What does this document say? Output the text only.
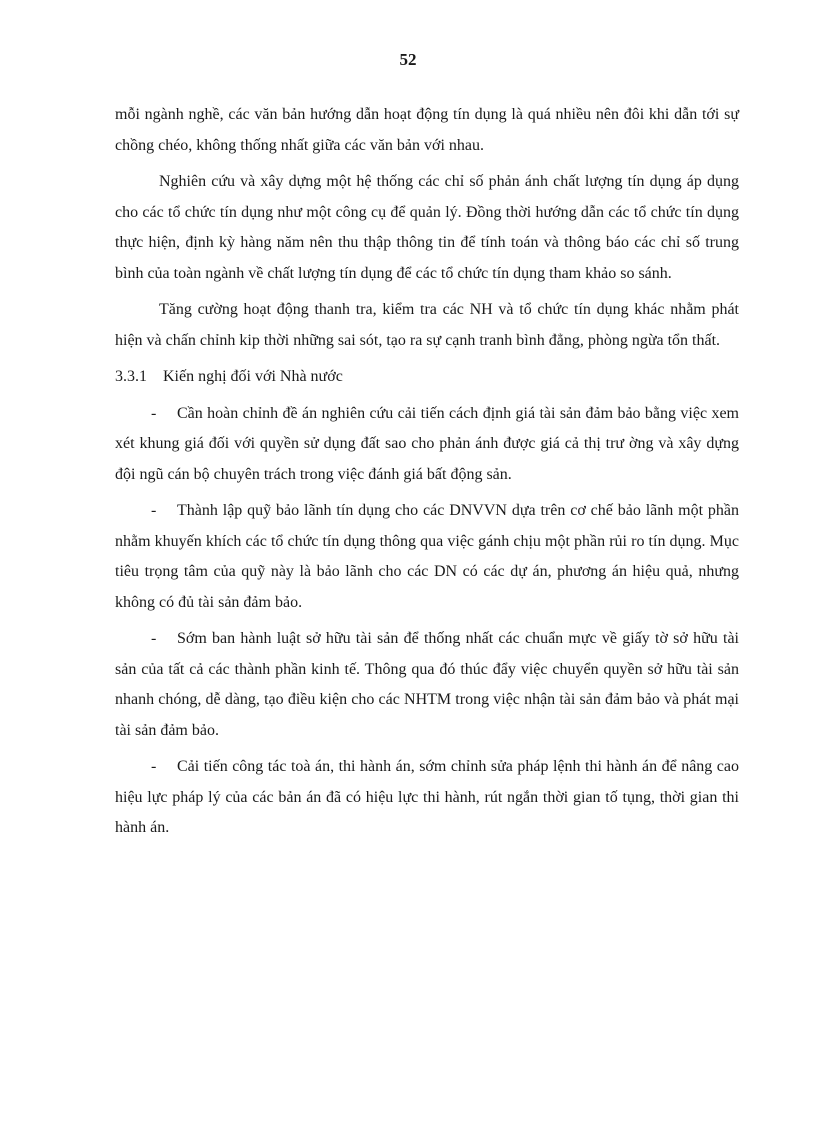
52

mỗi ngành nghề, các văn bản hướng dẫn hoạt động tín dụng là quá nhiều nên đôi khi dẫn tới sự chồng chéo, không thống nhất giữa các văn bản với nhau.

Nghiên cứu và xây dựng một hệ thống các chỉ số phản ánh chất lượng tín dụng áp dụng cho các tổ chức tín dụng như một công cụ để quản lý. Đồng thời hướng dẫn các tổ chức tín dụng thực hiện, định kỳ hàng năm nên thu thập thông tin để tính toán và thông báo các chỉ số trung bình của toàn ngành về chất lượng tín dụng để các tổ chức tín dụng tham khảo so sánh.

Tăng cường hoạt động thanh tra, kiểm tra các NH và tổ chức tín dụng khác nhằm phát hiện và chấn chỉnh kip thời những sai sót, tạo ra sự cạnh tranh bình đẳng, phòng ngừa tổn thất.

3.3.1 Kiến nghị đối với Nhà nước

- Cần hoàn chỉnh đề án nghiên cứu cải tiến cách định giá tài sản đảm bảo bằng việc xem xét khung giá đối với quyền sử dụng đất sao cho phản ánh được giá cả thị trư ờng và xây dựng đội ngũ cán bộ chuyên trách trong việc đánh giá bất động sản.

- Thành lập quỹ bảo lãnh tín dụng cho các DNVVN dựa trên cơ chế bảo lãnh một phần nhằm khuyến khích các tổ chức tín dụng thông qua việc gánh chịu một phần rủi ro tín dụng. Mục tiêu trọng tâm của quỹ này là bảo lãnh cho các DN có các dự án, phương án hiệu quả, nhưng không có đủ tài sản đảm bảo.

- Sớm ban hành luật sở hữu tài sản để thống nhất các chuẩn mực về giấy tờ sở hữu tài sản của tất cả các thành phần kinh tế. Thông qua đó thúc đẩy việc chuyển quyền sở hữu tài sản nhanh chóng, dễ dàng, tạo điều kiện cho các NHTM trong việc nhận tài sản đảm bảo và phát mại tài sản đảm bảo.

- Cải tiến công tác toà án, thi hành án, sớm chỉnh sửa pháp lệnh thi hành án để nâng cao hiệu lực pháp lý của các bản án đã có hiệu lực thi hành, rút ngắn thời gian tố tụng, thời gian thi hành án.
